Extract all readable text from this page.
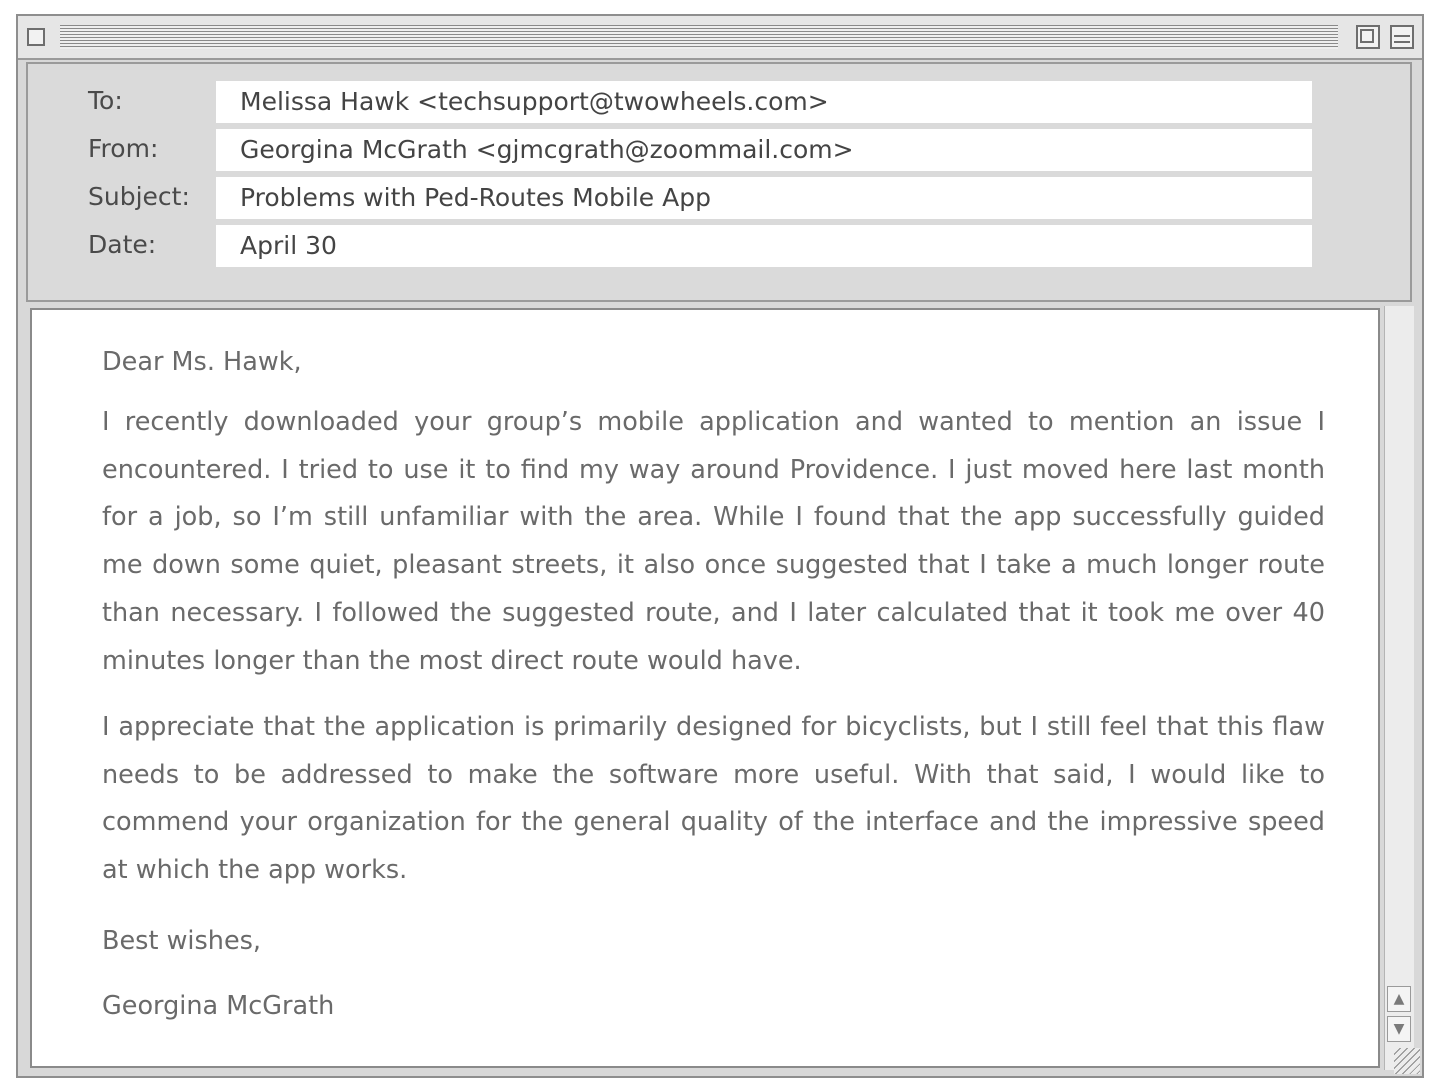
To:	Melissa Hawk <techsupport@twowheels.com>
From:	Georgina McGrath <gjmcgrath@zoommail.com>
Subject:	Problems with Ped-Routes Mobile App
Date:	April 30
Dear Ms. Hawk,
I recently downloaded your group’s mobile application and wanted to mention an issue I encountered. I tried to use it to find my way around Providence. I just moved here last month for a job, so I’m still unfamiliar with the area. While I found that the app successfully guided me down some quiet, pleasant streets, it also once suggested that I take a much longer route than necessary. I followed the suggested route, and I later calculated that it took me over 40 minutes longer than the most direct route would have.
I appreciate that the application is primarily designed for bicyclists, but I still feel that this flaw needs to be addressed to make the software more useful. With that said, I would like to commend your organization for the general quality of the interface and the impressive speed at which the app works.
Best wishes,
Georgina McGrath	▲
▼
